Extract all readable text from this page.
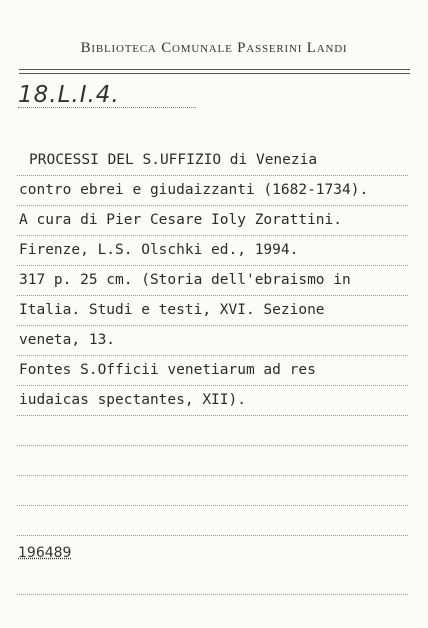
Biblioteca Comunale Passerini Landi
18.L.I.4.
PROCESSI DEL S.UFFIZIO di Venezia
contro ebrei e giudaizzanti (1682-1734).
A cura di Pier Cesare Ioly Zorattini.
Firenze, L.S. Olschki ed., 1994.
317 p. 25 cm. (Storia dell'ebraismo in
Italia. Studi e testi, XVI. Sezione
veneta, 13.
Fontes S.Officii venetiarum ad res
iudaicas spectantes, XII).
196489
